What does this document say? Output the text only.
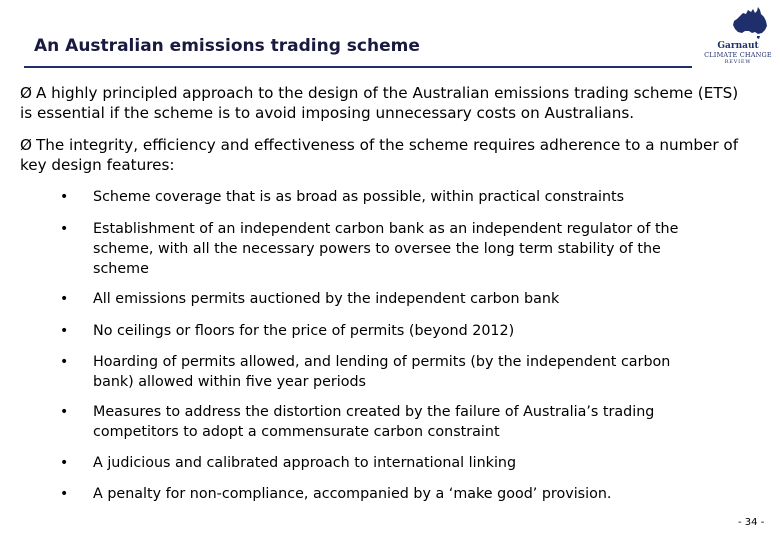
An Australian emissions trading scheme	Garnaut
CLIMATE CHANGE
REVIEW
Ø A highly principled approach to the design of the Australian emissions trading scheme (ETS) is essential if the scheme is to avoid imposing unnecessary costs on Australians.
Ø The integrity, efficiency and effectiveness of the scheme requires adherence to a number of key design features:
• Scheme coverage that is as broad as possible, within practical constraints
• Establishment of an independent carbon bank as an independent regulator of the scheme, with all the necessary powers to oversee the long term stability of the scheme
• All emissions permits auctioned by the independent carbon bank
• No ceilings or floors for the price of permits (beyond 2012)
• Hoarding of permits allowed, and lending of permits (by the independent carbon bank) allowed within five year periods
• Measures to address the distortion created by the failure of Australia’s trading competitors to adopt a commensurate carbon constraint
• A judicious and calibrated approach to international linking
• A penalty for non-compliance, accompanied by a ‘make good’ provision.
- 34 -
